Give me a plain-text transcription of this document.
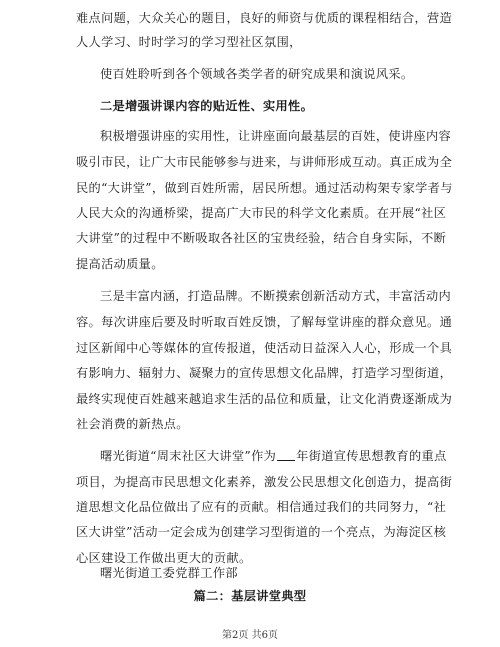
难点问题，大众关心的题目，良好的师资与优质的课程相结合，营造
人人学习、时时学习的学习型社区氛围，
使百姓聆听到各个领域各类学者的研究成果和演说风采。
二是增强讲课内容的贴近性、实用性。
积极增强讲座的实用性，让讲座面向最基层的百姓，使讲座内容
吸引市民，让广大市民能够参与进来，与讲师形成互动。真正成为全
民的“大讲堂”，做到百姓所需，居民所想。通过活动构架专家学者与
人民大众的沟通桥梁，提高广大市民的科学文化素质。在开展“社区
大讲堂”的过程中不断吸取各社区的宝贵经验，结合自身实际，不断
提高活动质量。
三是丰富内涵，打造品牌。不断摸索创新活动方式，丰富活动内
容。每次讲座后要及时听取百姓反馈，了解每堂讲座的群众意见。通
过区新闻中心等媒体的宣传报道，使活动日益深入人心，形成一个具
有影响力、辐射力、凝聚力的宣传思想文化品牌，打造学习型街道，
最终实现使百姓越来越追求生活的品位和质量，让文化消费逐渐成为
社会消费的新热点。
曙光街道“周末社区大讲堂”作为 年街道宣传思想教育的重点
项目，为提高市民思想文化素养，激发公民思想文化创造力，提高街
道思想文化品位做出了应有的贡献。相信通过我们的共同努力，“社
区大讲堂”活动一定会成为创建学习型街道的一个亮点，为海淀区核
心区建设工作做出更大的贡献。
曙光街道工委党群工作部
篇二：基层讲堂典型
第2页 共6页
